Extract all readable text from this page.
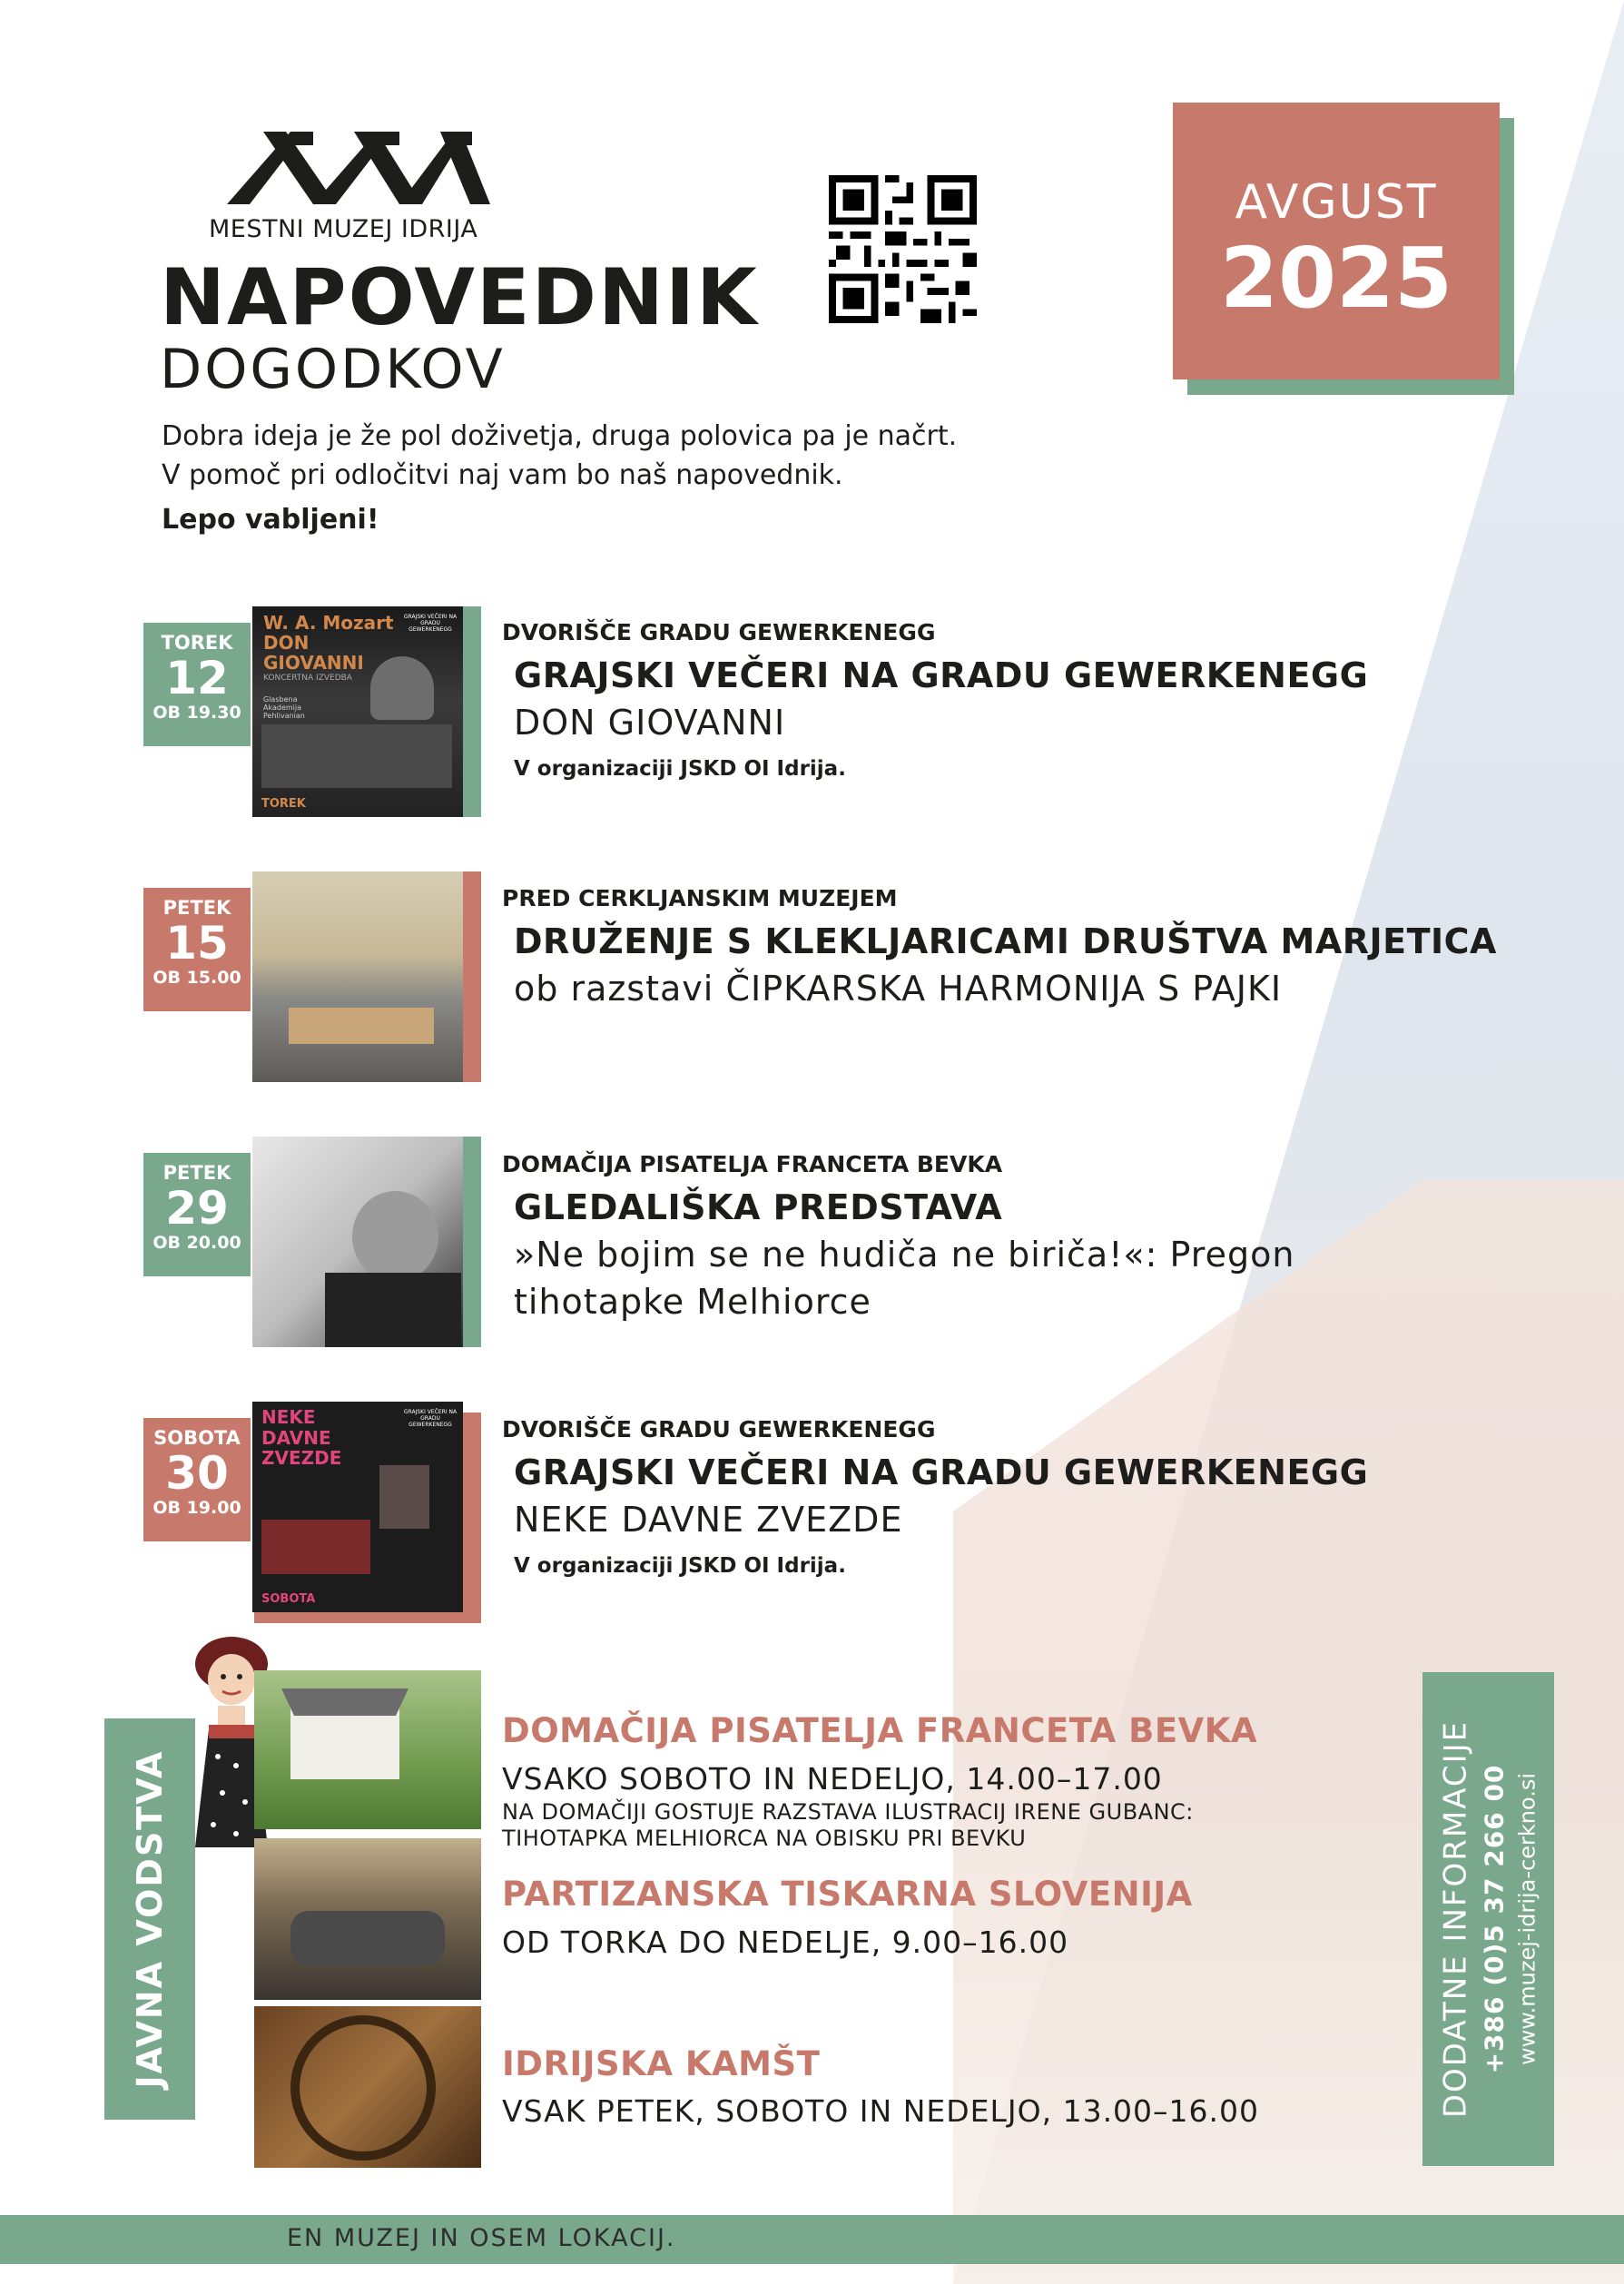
MESTNI MUZEJ IDRIJA
NAPOVEDNIK
DOGODKOV
Dobra ideja je že pol doživetja, druga polovica pa je načrt.
V pomoč pri odločitvi naj vam bo naš napovednik.
Lepo vabljeni!
AVGUST
2025
TOREK
12
OB 19.30
W. A. Mozart
DON
GIOVANNI
KONCERTNA IZVEDBA
Glasbena Akademija Pehlivanian
GRAJSKI VEČERI NA GRADU GEWERKENEGG
TOREK
DVORIŠČE GRADU GEWERKENEGG
GRAJSKI VEČERI NA GRADU GEWERKENEGG
DON GIOVANNI
V organizaciji JSKD OI Idrija.
PETEK
15
OB 15.00
PRED CERKLJANSKIM MUZEJEM
DRUŽENJE S KLEKLJARICAMI DRUŠTVA MARJETICA
ob razstavi ČIPKARSKA HARMONIJA S PAJKI
PETEK
29
OB 20.00
DOMAČIJA PISATELJA FRANCETA BEVKA
GLEDALIŠKA PREDSTAVA
»Ne bojim se ne hudiča ne biriča!«: Pregon
tihotapke Melhiorce
SOBOTA
30
OB 19.00
NEKE
DAVNE
ZVEZDE
GRAJSKI VEČERI NA GRADU GEWERKENEGG
SOBOTA
DVORIŠČE GRADU GEWERKENEGG
GRAJSKI VEČERI NA GRADU GEWERKENEGG
NEKE DAVNE ZVEZDE
V organizaciji JSKD OI Idrija.
JAVNA VODSTVA
DOMAČIJA PISATELJA FRANCETA BEVKA
VSAKO SOBOTO IN NEDELJO, 14.00–17.00
NA DOMAČIJI GOSTUJE RAZSTAVA ILUSTRACIJ IRENE GUBANC:
TIHOTAPKA MELHIORCA NA OBISKU PRI BEVKU
PARTIZANSKA TISKARNA SLOVENIJA
OD TORKA DO NEDELJE, 9.00–16.00
IDRIJSKA KAMŠT
VSAK PETEK, SOBOTO IN NEDELJO, 13.00–16.00	DODATNE INFORMACIJE +386 (0)5 37 266 00 www.muzej-idrija-cerkno.si
EN MUZEJ IN OSEM LOKACIJ.
